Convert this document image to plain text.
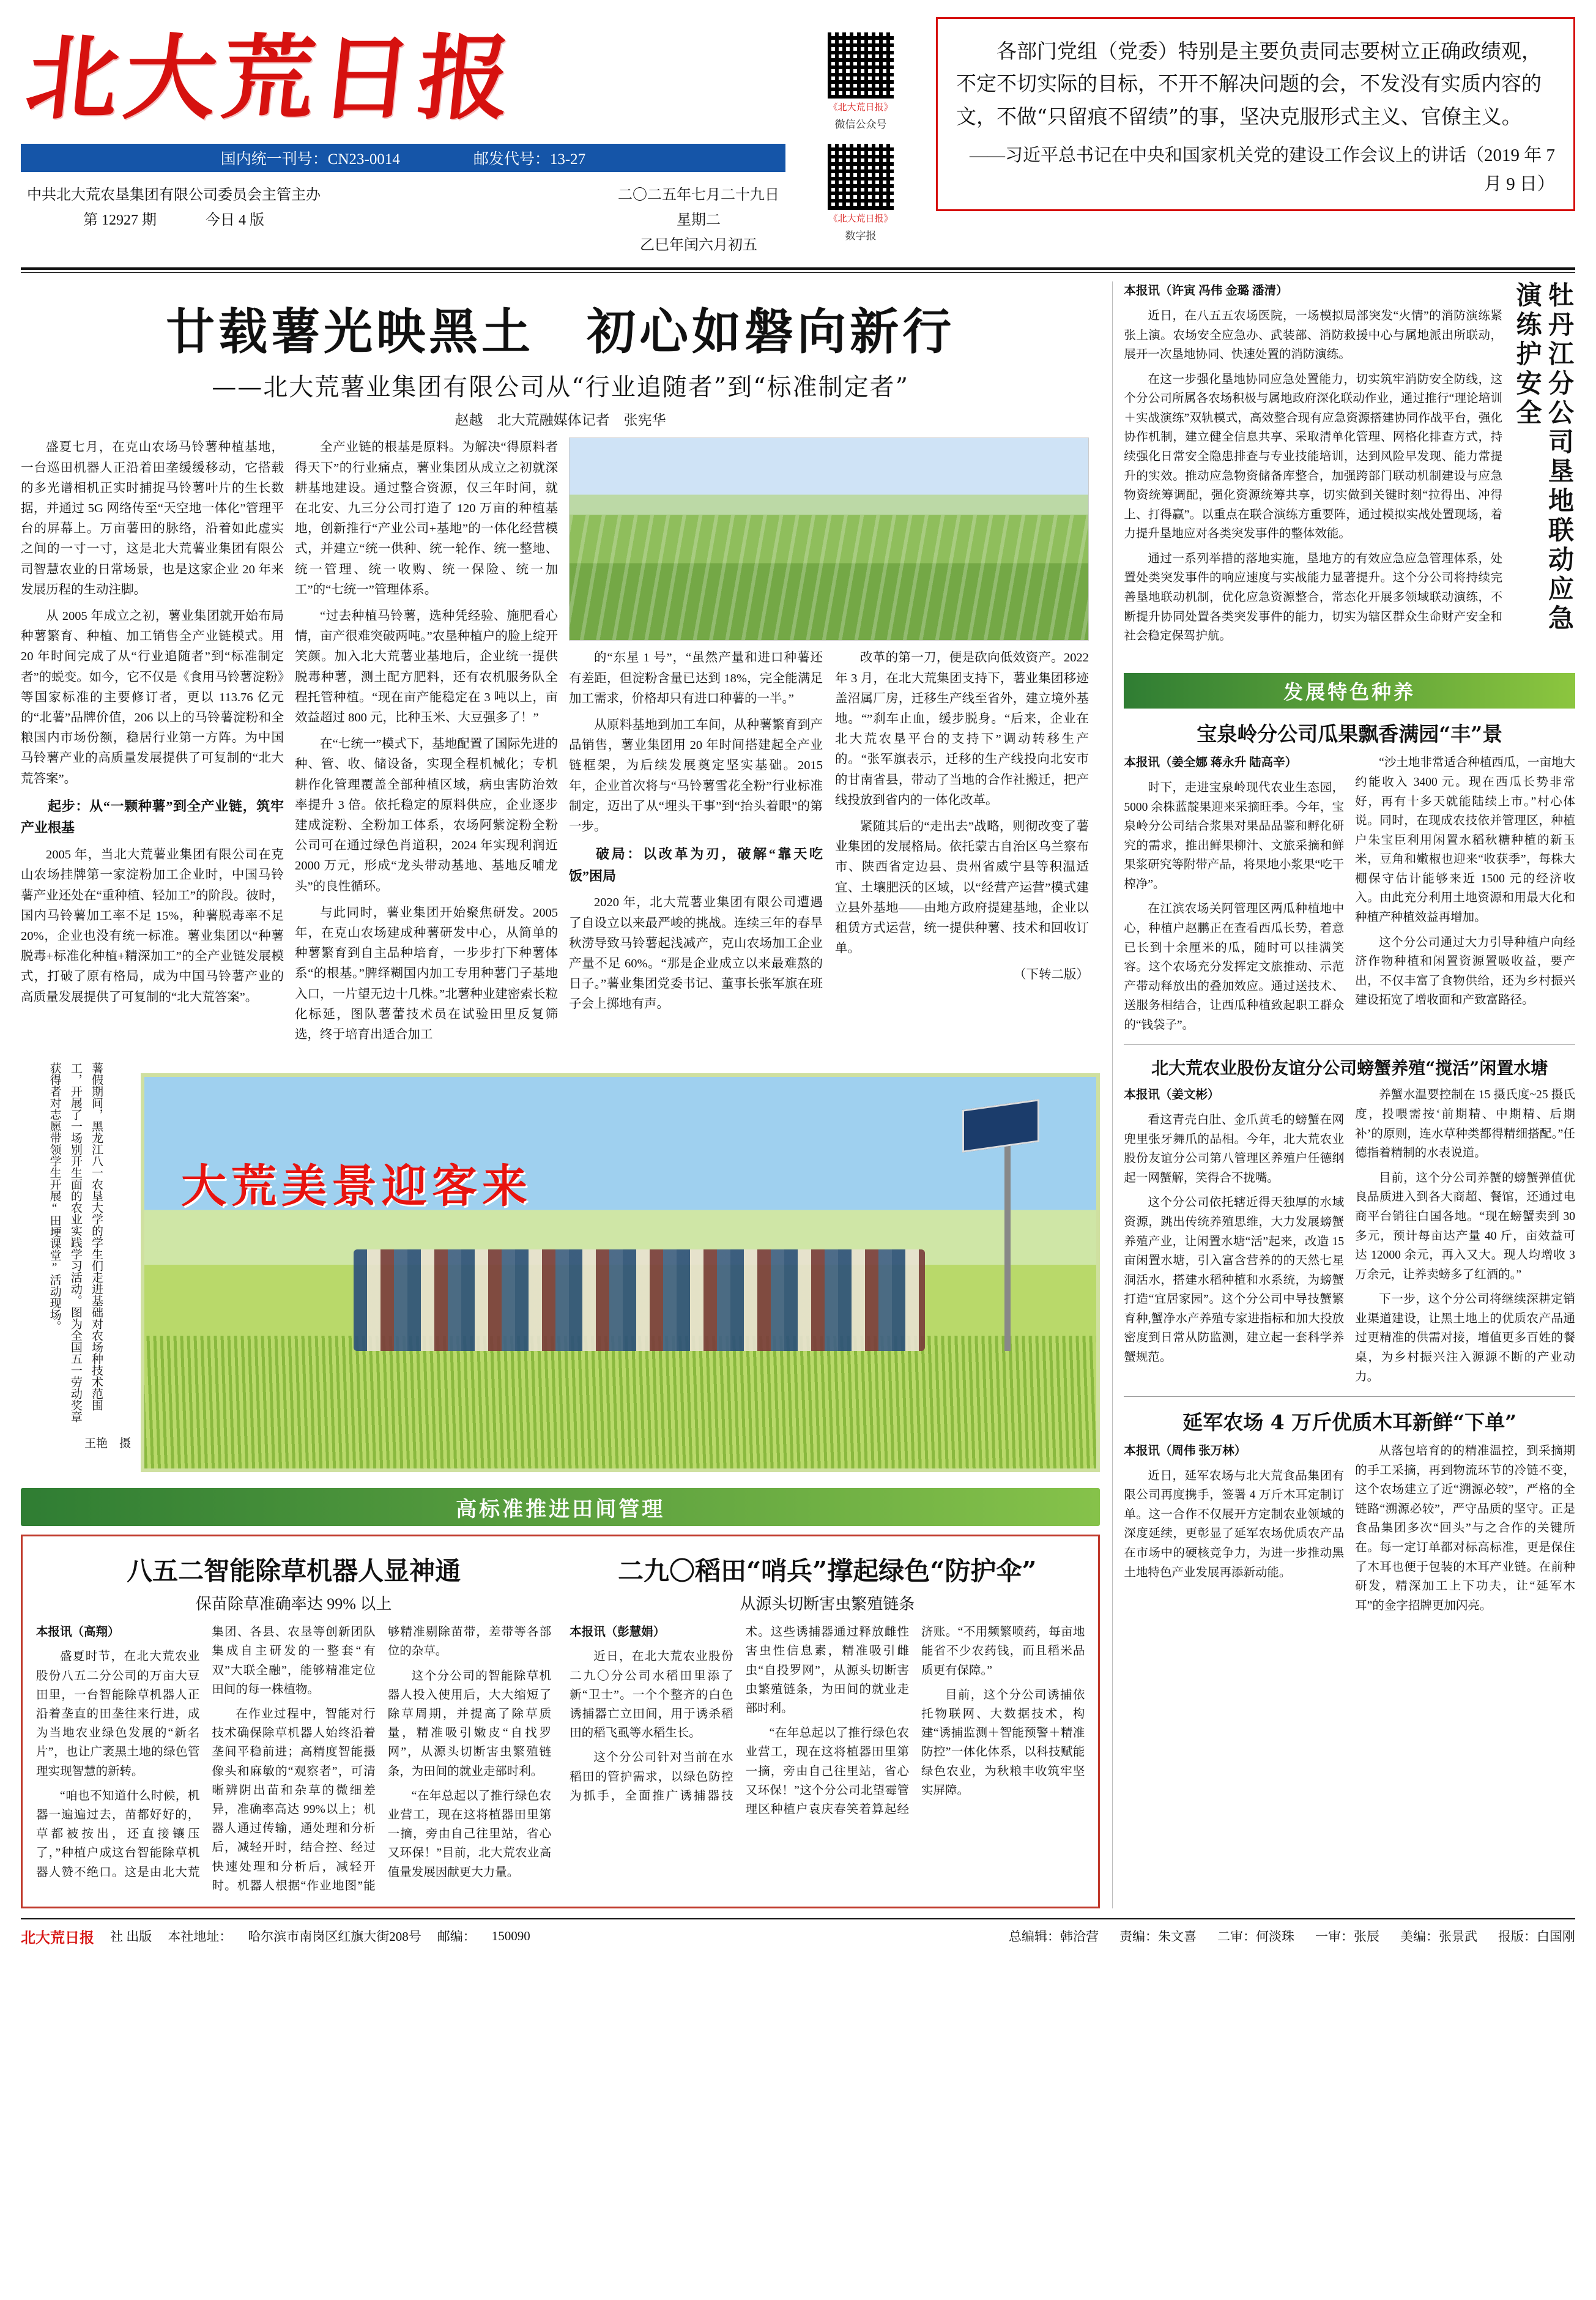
北大荒日报
国内统一刊号：CN23-0014	邮发代号：13-27
中共北大荒农垦集团有限公司委员会主管主办
第 12927 期	今日 4 版
二〇二五年七月二十九日
星期二
乙巳年闰六月初五
《北大荒日报》
微信公众号
《北大荒日报》
数字报

各部门党组（党委）特别是主要负责同志要树立正确政绩观，不定不切实际的目标，不开不解决问题的会，不发没有实质内容的文，不做“只留痕不留绩”的事，坚决克服形式主义、官僚主义。

——习近平总书记在中央和国家机关党的建设工作会议上的讲话（2019 年 7 月 9 日）
廿载薯光映黑土　初心如磐向新行
——北大荒薯业集团有限公司从“行业追随者”到“标准制定者”
赵越　北大荒融媒体记者　张宪华

盛夏七月，在克山农场马铃薯种植基地，一台巡田机器人正沿着田垄缓缓移动，它搭载的多光谱相机正实时捕捉马铃薯叶片的生长数据，并通过 5G 网络传至“天空地一体化”管理平台的屏幕上。万亩薯田的脉络，沿着如此虚实之间的一寸一寸，这是北大荒薯业集团有限公司智慧农业的日常场景，也是这家企业 20 年来发展历程的生动注脚。

从 2005 年成立之初，薯业集团就开始布局种薯繁育、种植、加工销售全产业链模式。用 20 年时间完成了从“行业追随者”到“标准制定者”的蜕变。如今，它不仅是《食用马铃薯淀粉》等国家标准的主要修订者，更以 113.76 亿元的“北薯”品牌价值，206 以上的马铃薯淀粉和全粮国内市场份额，稳居行业第一方阵。为中国马铃薯产业的高质量发展提供了可复制的“北大荒答案”。

起步：从“一颗种薯”到全产业链，筑牢产业根基

2005 年，当北大荒薯业集团有限公司在克山农场挂牌第一家淀粉加工企业时，中国马铃薯产业还处在“重种植、轻加工”的阶段。彼时，国内马铃薯加工率不足 15%，种薯脱毒率不足 20%，企业也没有统一标准。薯业集团以“种薯脱毒+标准化种植+精深加工”的全产业链发展模式，打破了原有格局，成为中国马铃薯产业的高质量发展提供了可复制的“北大荒答案”。

全产业链的根基是原料。为解决“得原料者得天下”的行业痛点，薯业集团从成立之初就深耕基地建设。通过整合资源，仅三年时间，就在北安、九三分公司打造了 120 万亩的种植基地，创新推行“产业公司+基地”的一体化经营模式，并建立“统一供种、统一轮作、统一整地、统一管理、统一收购、统一保险、统一加工”的“七统一”管理体系。

“过去种植马铃薯，选种凭经验、施肥看心情，亩产很难突破两吨。”农垦种植户的脸上绽开笑颜。加入北大荒薯业基地后，企业统一提供脱毒种薯，测土配方肥料，还有农机服务队全程托管种植。“现在亩产能稳定在 3 吨以上，亩效益超过 800 元，比种玉米、大豆强多了！”

在“七统一”模式下，基地配置了国际先进的种、管、收、储设备，实现全程机械化；专机耕作化管理覆盖全部种植区域，病虫害防治效率提升 3 倍。依托稳定的原料供应，企业逐步建成淀粉、全粉加工体系，农场阿紫淀粉全粉公司可在通过绿色肖道积，2024 年实现利润近 2000 万元，形成“龙头带动基地、基地反哺龙头”的良性循环。

与此同时，薯业集团开始聚焦研发。2005 年，在克山农场建成种薯研发中心，从简单的种薯繁育到自主品种培育，一步步打下种薯体系“的根基。”脾绎糊国内加工专用种薯门子基地入口，一片望无边十几株。”北薯种业建密索长粒化标延，图队薯蕾技术员在试验田里反复筛选，终于培育出适合加工

的“东星 1 号”，“虽然产量和进口种薯还有差距，但淀粉含量已达到 18%，完全能满足加工需求，价格却只有进口种薯的一半。”

从原料基地到加工车间，从种薯繁育到产品销售，薯业集团用 20 年时间搭建起全产业链框架，为后续发展奠定坚实基础。2015 年，企业首次将与“马铃薯雪花全粉”行业标准制定，迈出了从“埋头干事”到“抬头着眼”的第一步。

破局：以改革为刃，破解“靠天吃饭”困局

2020 年，北大荒薯业集团有限公司遭遇了自设立以来最严峻的挑战。连续三年的春旱秋涝导致马铃薯起浅减产，克山农场加工企业产量不足 60%。“那是企业成立以来最难熬的日子。”薯业集团党委书记、董事长张军旗在班子会上掷地有声。

改革的第一刀，便是砍向低效资产。2022 年 3 月，在北大荒集团支持下，薯业集团移迹盖沼属厂房，迁移生产线至省外，建立境外基地。“”刹车止血，缓步脱身。“后来，企业在北大荒农垦平台的支持下”调动转移生产的。“张军旗表示，迁移的生产线投向北安市的甘南省县，带动了当地的合作社搬迁，把产线投放到省内的一体化改革。

紧随其后的“走出去”战略，则彻改变了薯业集团的发展格局。依托蒙古自治区乌兰察布市、陕西省定边县、贵州省威宁县等积温适宜、土壤肥沃的区域，以“经营产运营”模式建立县外基地——由地方政府提建基地，企业以租赁方式运营，统一提供种薯、技术和回收订单。

（下转二版）

薯假期间，黑龙江八一农垦大学的学生们走进基础对农场种技术范围工，开展了一场别开生面的农业实践学习活动。图为全国五一劳动奖章获得者对志愿带领学生开展“田埂课堂”活动现场。
王艳　摄
大荒美景迎客来
高标准推进田间管理
八五二智能除草机器人显神通
保苗除草准确率达 99% 以上
二九〇稻田“哨兵”撑起绿色“防护伞”
从源头切断害虫繁殖链条

本报讯（高翔）

盛夏时节，在北大荒农业股份八五二分公司的万亩大豆田里，一台智能除草机器人正沿着垄直的田垄往来行进，成为当地农业绿色发展的“新名片”，也让广袤黑土地的绿色管理实现智慧的新转。

“咱也不知道什么时候，机器一遍遍过去，苗都好好的，草都被按出，还直接镶压了，”种植户成这台智能除草机器人赞不绝口。这是由北大荒集团、各县、农垦等创新团队集成自主研发的一整套“有双”大联全融”，能够精准定位田间的每一株植物。

在作业过程中，智能对行技术确保除草机器人始终沿着垄间平稳前进；高精度智能摄像头和麻敏的“观察者”，可清晰辨阴出苗和杂草的微细差异，准确率高达 99%以上；机器人通过传输，通处理和分析后，减轻开时，结合控、经过快速处理和分析后，减轻开时。机器人根据“作业地图”能够精准剔除苗带，差带等各部位的杂草。

这个分公司的智能除草机器人投入使用后，大大缩短了除草周期，并提高了除草质量，精准吸引嫩皮“自找罗网”，从源头切断害虫繁殖链条，为田间的就业走部时利。

“在年总起以了推行绿色农业营工，现在这将植器田里第一摘，旁由自己往里站，省心又环保！”目前，北大荒农业高值量发展因献更大力量。

本报讯（彭慧娟）

近日，在北大荒农业股份二九〇分公司水稻田里添了新“卫士”。一个个整齐的白色诱捕器亡立田间，用于诱杀稻田的稻飞虱等水稻生长。

这个分公司针对当前在水稻田的管护需求，以绿色防控为抓手，全面推广诱捕器技术。这些诱捕器通过释放雌性害虫性信息素，精准吸引雌虫“自投罗网”，从源头切断害虫繁殖链条，为田间的就业走部时利。

“在年总起以了推行绿色农业营工，现在这将植器田里第一摘，旁由自己往里站，省心又环保！”这个分公司北望霉管理区种植户袁庆春笑着算起经济账。“不用频繁喷药，每亩地能省不少农药钱，而且稻米品质更有保障。”

目前，这个分公司诱捕依托物联网、大数据技术，构建“诱捕监测＋智能预警＋精准防控”一体化体系，以科技赋能绿色农业，为秋粮丰收筑牢坚实屏障。

本报讯（许寅 冯伟 金璐 潘清）

近日，在八五五农场医院，一场模拟局部突发“火情”的消防演练紧张上演。农场安全应急办、武装部、消防救援中心与属地派出所联动，展开一次垦地协同、快速处置的消防演练。

在这一步强化垦地协同应急处置能力，切实筑牢消防安全防线，这个分公司所属各农场积极与属地政府深化联动作业，通过推行“理论培训＋实战演练”双轨模式，高效整合现有应急资源搭建协同作战平台，强化协作机制，建立健全信息共享、采取清单化管理、网格化排查方式，持续强化日常安全隐患排查与专业技能培训，达到风险早发现、能力常提升的实效。推动应急物资储备库整合，加强跨部门联动机制建设与应急物资统筹调配，强化资源统筹共享，切实做到关键时刻“拉得出、冲得上、打得赢”。以重点在联合演练方重要阵，通过模拟实战处置现场，着力提升垦地应对各类突发事件的整体效能。

通过一系列举措的落地实施，垦地方的有效应急应急管理体系，处置处类突发事件的响应速度与实战能力显著提升。这个分公司将持续完善垦地联动机制，优化应急资源整合，常态化开展多领域联动演练，不断提升协同处置各类突发事件的能力，切实为辖区群众生命财产安全和社会稳定保驾护航。

牡丹江分公司垦地联动应急演练护安全
发展特色种养
宝泉岭分公司瓜果飘香满园“丰”景

本报讯（姜全娜 蒋永升 陆高辛）

时下，走进宝泉岭现代农业生态园，5000 余株蓝靛果迎来采摘旺季。今年，宝泉岭分公司结合浆果对果品品鉴和孵化研究的需求，推出鲜果柳汁、文旅采摘和鲜果浆研究等附带产品，将果地小浆果“吃干榨净”。

在江滨农场关阿管理区两瓜种植地中心，种植户赵鹏正在查看西瓜长势，着意已长到十余厘米的瓜，随时可以挂满笑容。这个农场充分发挥定文旅推动、示范产带动释放出的叠加效应。通过送技术、送服务相结合，让西瓜种植致起职工群众的“钱袋子”。

“沙土地非常适合种植西瓜，一亩地大约能收入 3400 元。现在西瓜长势非常好，再有十多天就能陆续上市。”村心体说。同时，在现成农技依并管理区，种植户朱宝臣利用闲置水稻秋糖种植的新玉米，豆角和嫩椒也迎来“收获季”，每株大棚保守估计能够来近 1500 元的经济收入。由此充分利用土地资源和用最大化和种植产种植效益再增加。

这个分公司通过大力引导种植户向经济作物种植和闲置资源置吸收益，要产出，不仅丰富了食物供给，还为乡村振兴建设拓宽了增收面和产致富路径。

北大荒农业股份友谊分公司螃蟹养殖“搅活”闲置水塘

本报讯（姜文彬）

看这青壳白肚、金爪黄毛的螃蟹在网兜里张牙舞爪的品相。今年，北大荒农业股份友谊分公司第八管理区养殖户任德纲起一网蟹解，笑得合不拢嘴。

这个分公司依托辖近得天独厚的水域资源，跳出传统养殖思维，大力发展螃蟹养殖产业，让闲置水塘“活”起来，改造 15 亩闲置水塘，引入富含营养的的天然七星洞活水，搭建水稻种植和水系统，为螃蟹打造“宜居家园”。这个分公司中导技蟹繁育种,蟹净水产养殖专家进指标和加大投放密度到日常从防监测，建立起一套科学养蟹规范。

养蟹水温要控制在 15 摄氏度~25 摄氏度，投喂需按‘前期精、中期精、后期补’的原则，连水草种类都得精细搭配。”任德指着精制的水表说道。

目前，这个分公司养蟹的螃蟹弹值优良品质进入到各大商超、餐馆，还通过电商平台销往白国各地。“现在螃蟹卖到 30 多元，预计每亩达产量 40 斤，亩效益可达 12000 余元，再入又大。现人均增收 3 万余元，让养卖螃多了红酒的。”

下一步，这个分公司将继续深耕定销业渠道建设，让黑土地上的优质农产品通过更精准的供需对接，增值更多百姓的餐桌，为乡村振兴注入源源不断的产业动力。

延军农场 4 万斤优质木耳新鲜“下单”

本报讯（周伟 张万林）

近日，延军农场与北大荒食品集团有限公司再度携手，签署 4 万斤木耳定制订单。这一合作不仅展开方定制农业领域的深度延续，更彰显了延军农场优质农产品在市场中的硬核竞争力，为进一步推动黑土地特色产业发展再添新动能。

从落包培育的的精准温控，到采摘期的手工采摘，再到物流环节的冷链不变，这个农场建立了近“溯源必较”，严格的全链路“溯源必较”，严守品质的坚守。正是食品集团多次“回头”与之合作的关键所在。每一定订单都对标高标准，更是保住了木耳也便于包装的木耳产业链。在前种研发，精深加工上下功夫，让“延军木耳”的金字招牌更加闪亮。

北大荒日报 社 出版 本社地址： 哈尔滨市南岗区红旗大街208号 邮编： 150090	总编辑：韩洽营 责编：朱文喜 二审：何淡珠 一审：张辰 美编：张景武 报版：白国刚
